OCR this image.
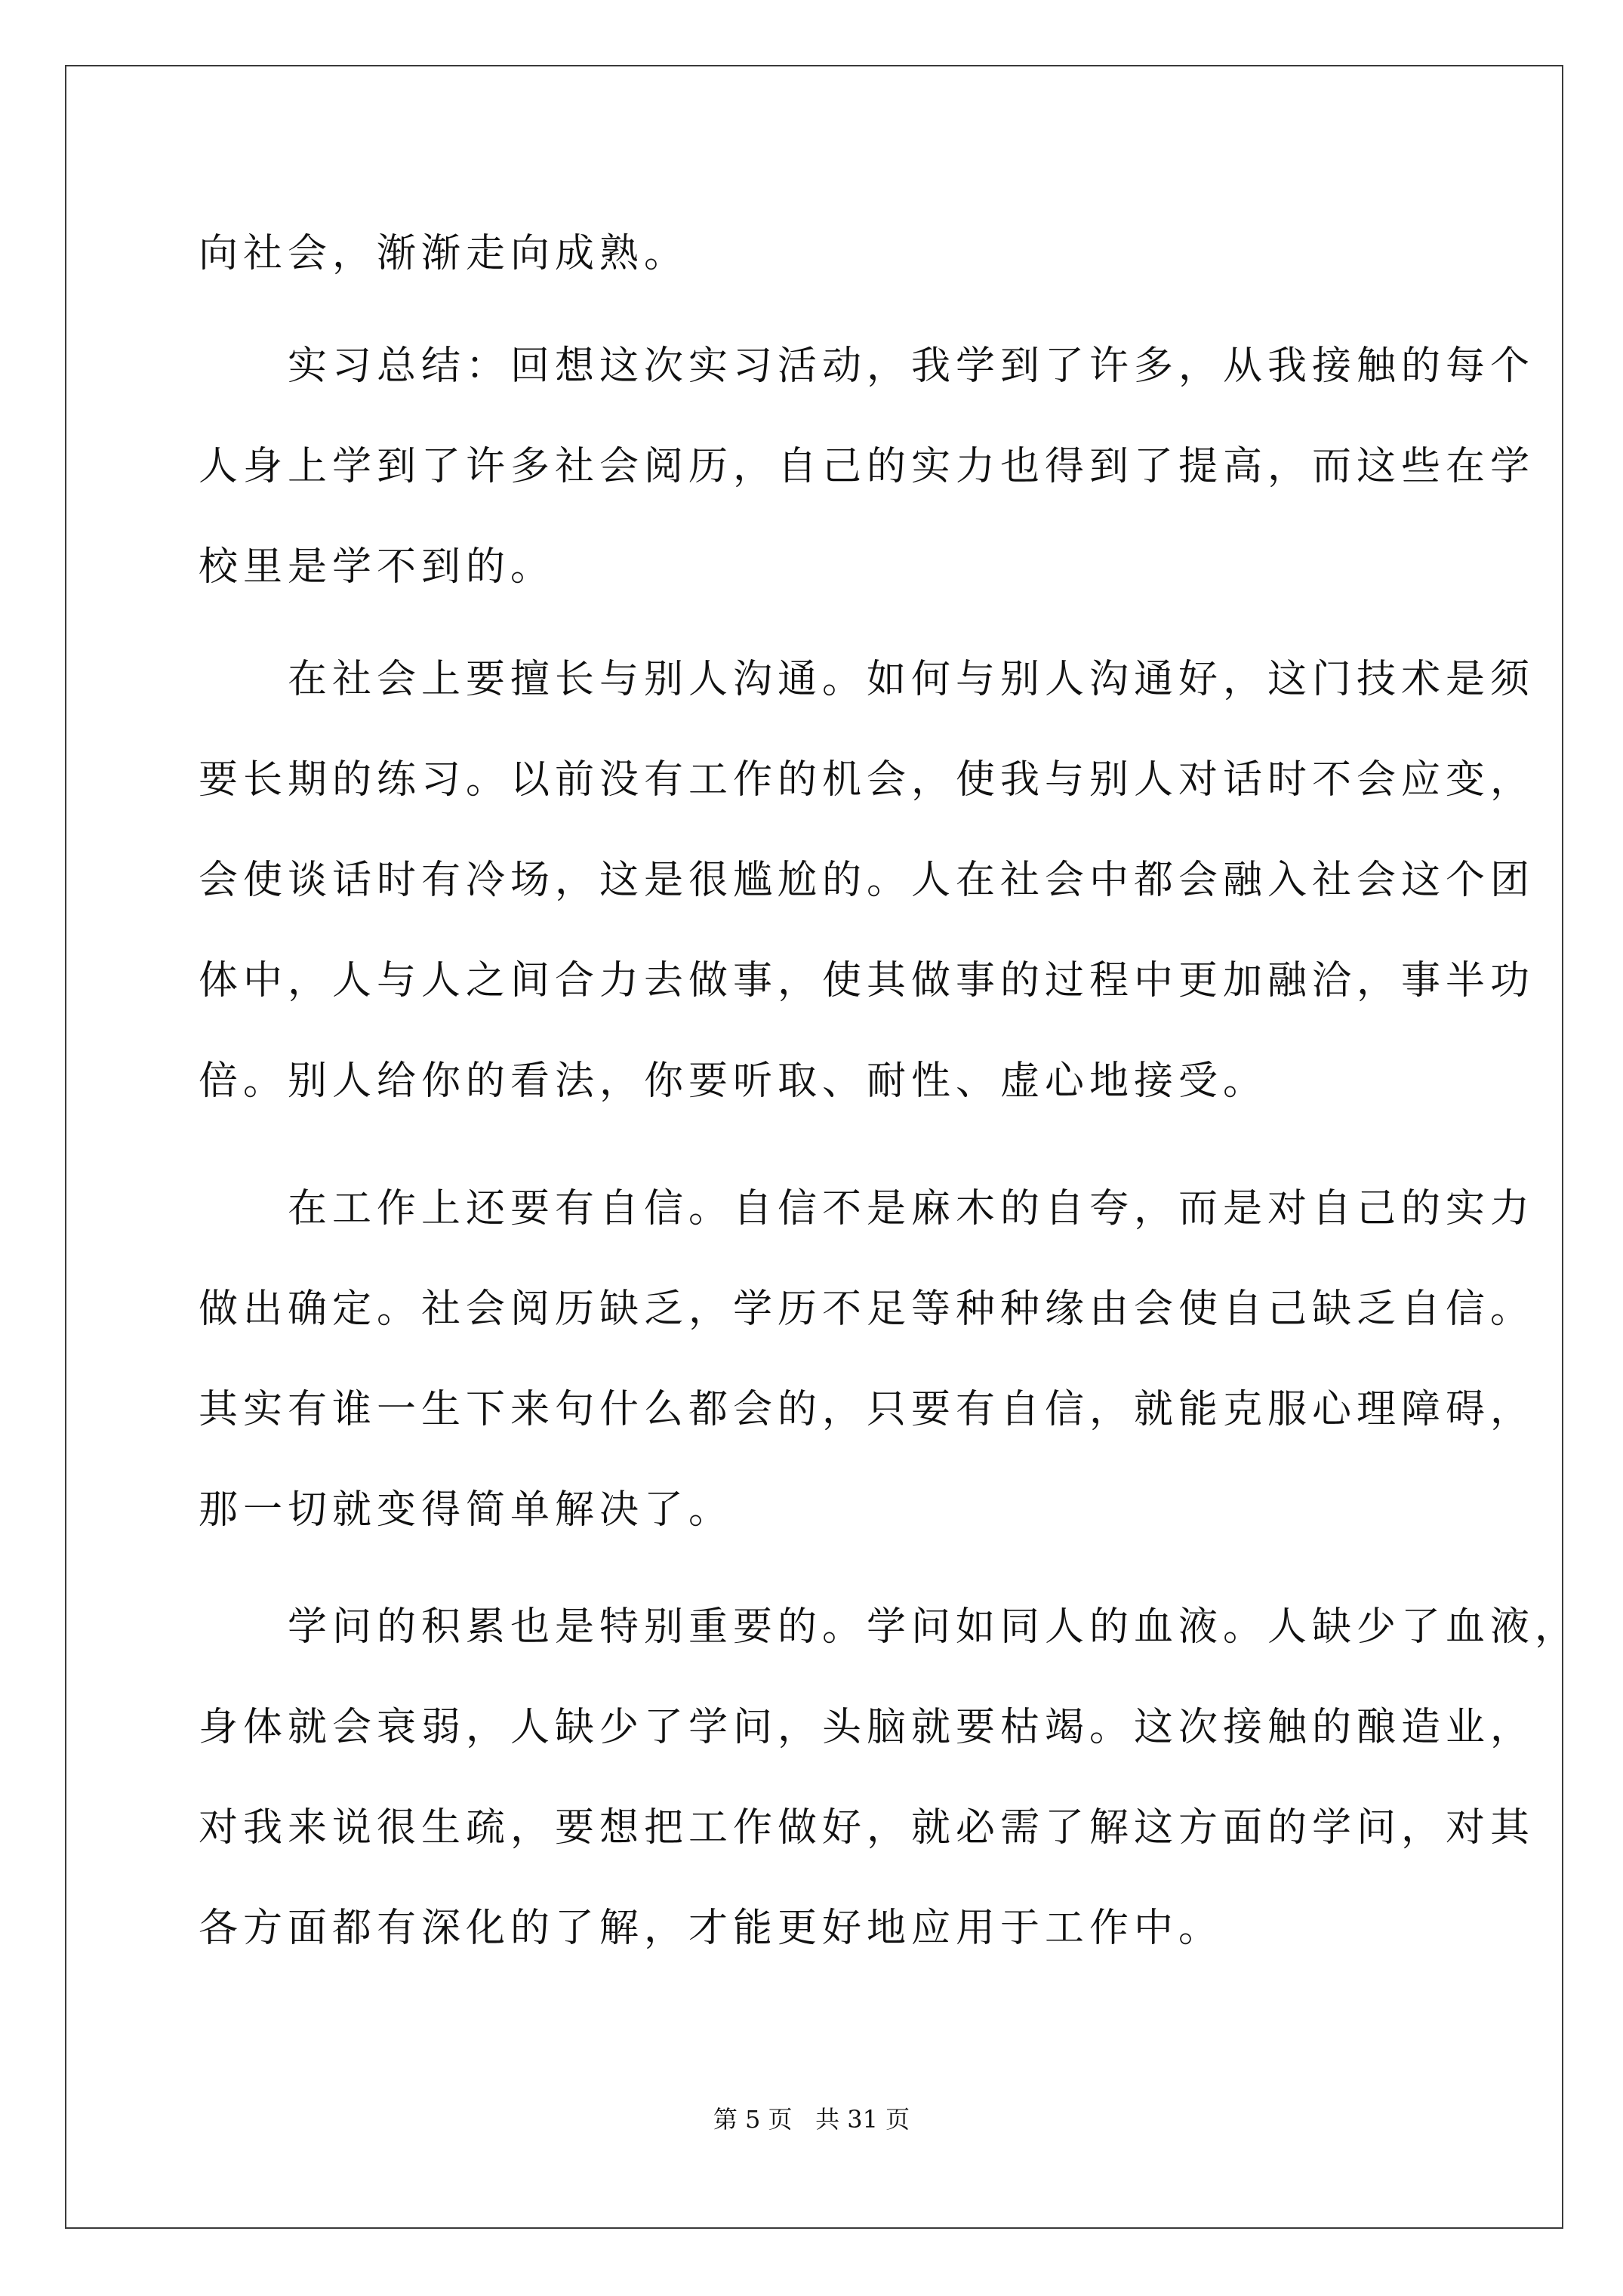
向社会，渐渐走向成熟。
　　实习总结：回想这次实习活动，我学到了许多，从我接触的每个
人身上学到了许多社会阅历，自己的实力也得到了提高，而这些在学
校里是学不到的。
　　在社会上要擅长与别人沟通。如何与别人沟通好，这门技术是须
要长期的练习。以前没有工作的机会，使我与别人对话时不会应变，
会使谈话时有冷场，这是很尴尬的。人在社会中都会融入社会这个团
体中，人与人之间合力去做事，使其做事的过程中更加融洽，事半功
倍。别人给你的看法，你要听取、耐性、虚心地接受。
　　在工作上还要有自信。自信不是麻木的自夸，而是对自己的实力
做出确定。社会阅历缺乏，学历不足等种种缘由会使自己缺乏自信。
其实有谁一生下来句什么都会的，只要有自信，就能克服心理障碍，
那一切就变得简单解决了。
　　学问的积累也是特别重要的。学问如同人的血液。人缺少了血液，
身体就会衰弱，人缺少了学问，头脑就要枯竭。这次接触的酿造业，
对我来说很生疏，要想把工作做好，就必需了解这方面的学问，对其
各方面都有深化的了解，才能更好地应用于工作中。
第 5 页   共 31 页
